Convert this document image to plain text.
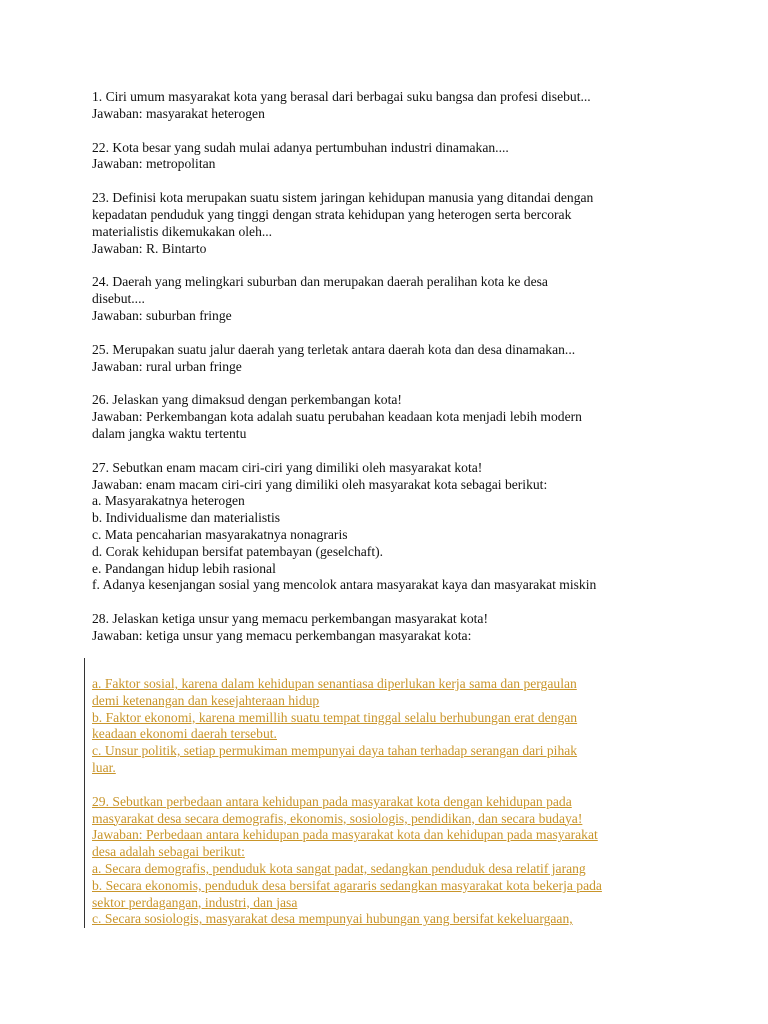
1. Ciri umum masyarakat kota yang berasal dari berbagai suku bangsa dan profesi disebut...
Jawaban: masyarakat heterogen
22. Kota besar yang sudah mulai adanya pertumbuhan industri dinamakan....
Jawaban: metropolitan
23. Definisi kota merupakan suatu sistem jaringan kehidupan manusia yang ditandai dengan
kepadatan penduduk yang tinggi dengan strata kehidupan yang heterogen serta bercorak
materialistis dikemukakan oleh...
Jawaban: R. Bintarto
24. Daerah yang melingkari suburban dan merupakan daerah peralihan kota ke desa
disebut....
Jawaban: suburban fringe
25. Merupakan suatu jalur daerah yang terletak antara daerah kota dan desa dinamakan...
Jawaban: rural urban fringe
26. Jelaskan yang dimaksud dengan perkembangan kota!
Jawaban: Perkembangan kota adalah suatu perubahan keadaan kota menjadi lebih modern
dalam jangka waktu tertentu
27. Sebutkan enam macam ciri-ciri yang dimiliki oleh masyarakat kota!
Jawaban: enam macam ciri-ciri yang dimiliki oleh masyarakat kota sebagai berikut:
a. Masyarakatnya heterogen
b. Individualisme dan materialistis
c. Mata pencaharian masyarakatnya nonagraris
d. Corak kehidupan bersifat patembayan (geselchaft).
e. Pandangan hidup lebih rasional
f. Adanya kesenjangan sosial yang mencolok antara masyarakat kaya dan masyarakat miskin
28. Jelaskan ketiga unsur yang memacu perkembangan masyarakat kota!
Jawaban: ketiga unsur yang memacu perkembangan masyarakat kota:
a. Faktor sosial, karena dalam kehidupan senantiasa diperlukan kerja sama dan pergaulan
demi ketenangan dan kesejahteraan hidup
b. Faktor ekonomi, karena memillih suatu tempat tinggal selalu berhubungan erat dengan
keadaan ekonomi daerah tersebut.
c. Unsur politik, setiap permukiman mempunyai daya tahan terhadap serangan dari pihak
luar.
29. Sebutkan perbedaan antara kehidupan pada masyarakat kota dengan kehidupan pada
masyarakat desa secara demografis, ekonomis, sosiologis, pendidikan, dan secara budaya!
Jawaban: Perbedaan antara kehidupan pada masyarakat kota dan kehidupan pada masyarakat
desa adalah sebagai berikut:
a. Secara demografis, penduduk kota sangat padat, sedangkan penduduk desa relatif jarang
b. Secara ekonomis, penduduk desa bersifat agararis sedangkan masyarakat kota bekerja pada
sektor perdagangan, industri, dan jasa
c. Secara sosiologis, masyarakat desa mempunyai hubungan yang bersifat kekeluargaan,
